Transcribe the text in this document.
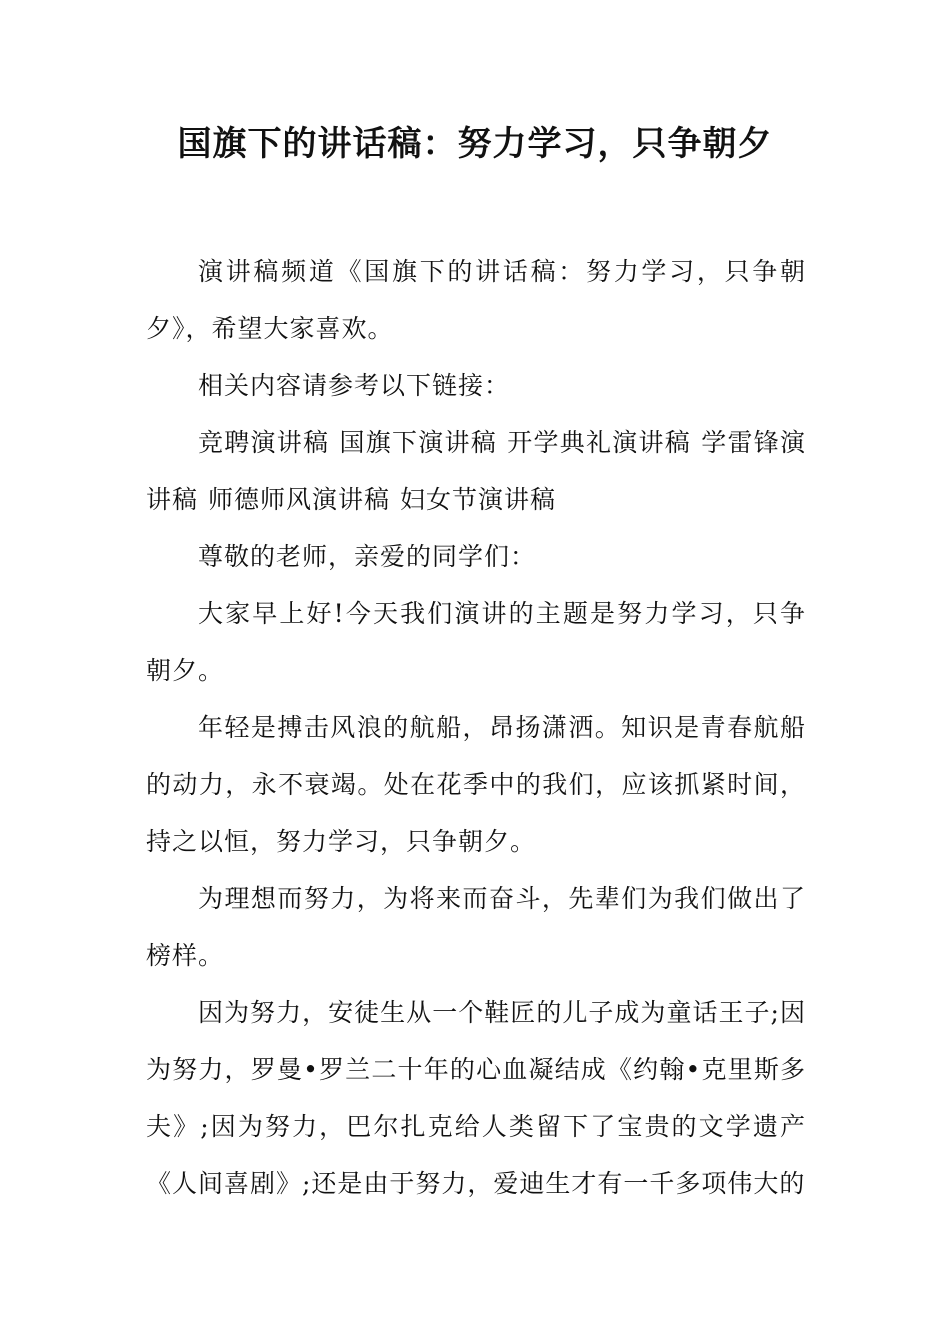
国旗下的讲话稿：努力学习，只争朝夕

演讲稿频道《国旗下的讲话稿：努力学习，只争朝夕》，希望大家喜欢。

相关内容请参考以下链接：

竞聘演讲稿 国旗下演讲稿 开学典礼演讲稿 学雷锋演讲稿 师德师风演讲稿 妇女节演讲稿

尊敬的老师，亲爱的同学们：

大家早上好!今天我们演讲的主题是努力学习，只争朝夕。

年轻是搏击风浪的航船，昂扬潇洒。知识是青春航船的动力，永不衰竭。处在花季中的我们，应该抓紧时间，持之以恒，努力学习，只争朝夕。

为理想而努力，为将来而奋斗，先辈们为我们做出了榜样。

因为努力，安徒生从一个鞋匠的儿子成为童话王子;因为努力，罗曼•罗兰二十年的心血凝结成《约翰•克里斯多夫》;因为努力，巴尔扎克给人类留下了宝贵的文学遗产《人间喜剧》;还是由于努力，爱迪生才有一千多项伟大的
